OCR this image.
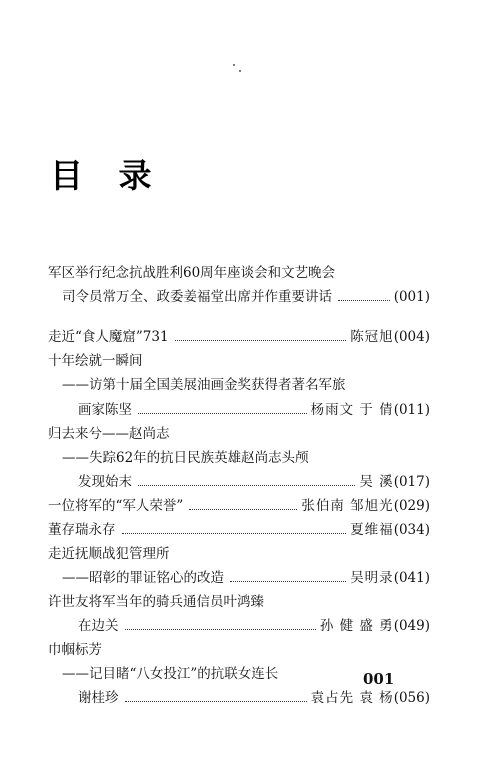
目 录
军区举行纪念抗战胜利60周年座谈会和文艺晚会
司令员常万全、政委姜福堂出席并作重要讲话	(001)
走近“食人魔窟”731	陈冠旭 (004)
十年绘就一瞬间
——访第十届全国美展油画金奖获得者著名军旅
画家陈坚	杨雨文 于 倩 (011)
归去来兮——赵尚志
——失踪62年的抗日民族英雄赵尚志头颅
发现始末	吴 溪 (017)
一位将军的“军人荣誉”	张伯南 邹旭光 (029)
董存瑞永存	夏维福 (034)
走近抚顺战犯管理所
——昭彰的罪证铭心的改造	吴明录 (041)
许世友将军当年的骑兵通信员叶鸿臻
在边关	孙 健 盛 勇 (049)
巾帼标芳
——记目睹“八女投江”的抗联女连长
谢桂珍	袁占先 袁 杨 (056)
001
